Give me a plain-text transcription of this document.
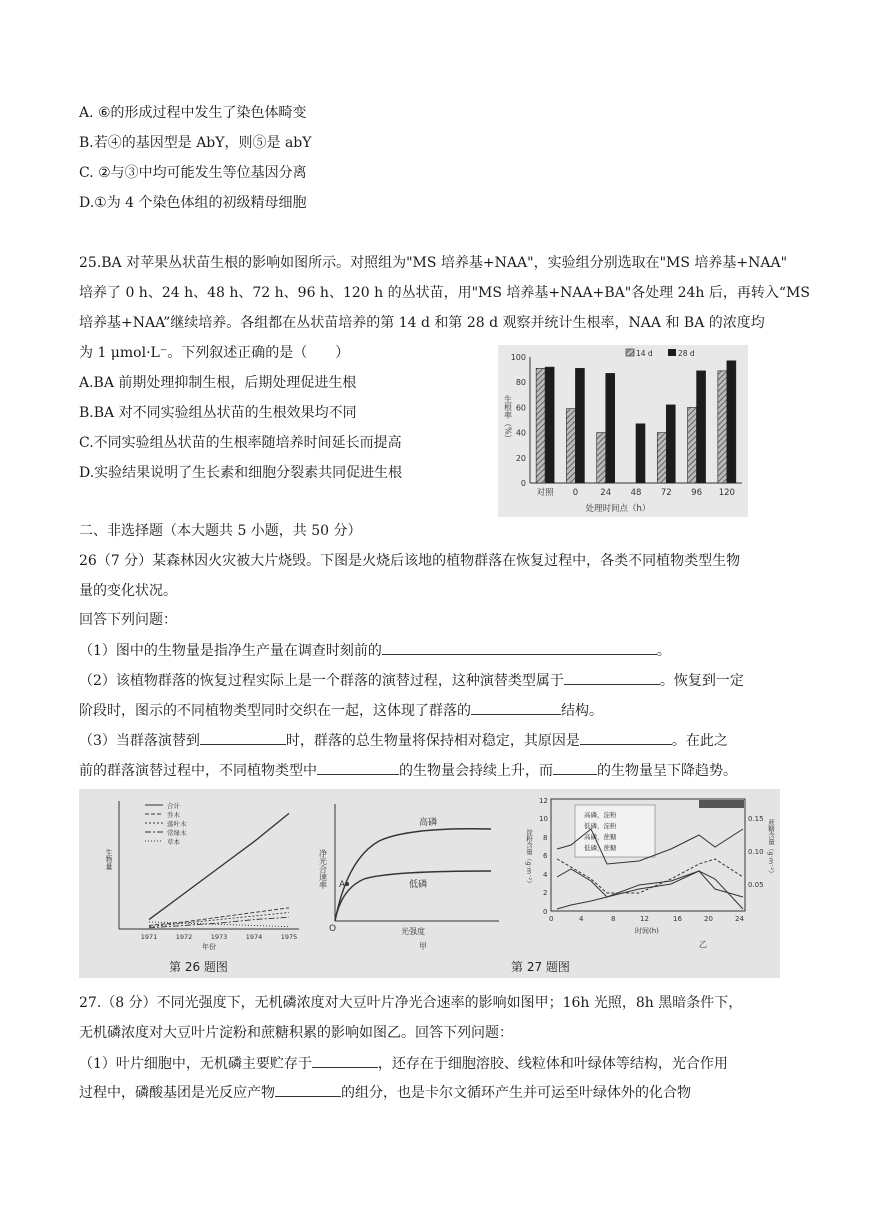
A. ⑥的形成过程中发生了染色体畸变
B.若④的基因型是 AbY，则⑤是 abY
C. ②与③中均可能发生等位基因分离
D.①为 4 个染色体组的初级精母细胞
25.BA 对苹果丛状苗生根的影响如图所示。对照组为"MS 培养基+NAA"，实验组分别选取在"MS 培养基+NAA"
培养了 0 h、24 h、48 h、72 h、96 h、120 h 的丛状苗，用"MS 培养基+NAA+BA"各处理 24h 后，再转入“MS
培养基+NAA”继续培养。各组都在丛状苗培养的第 14 d 和第 28 d 观察并统计生根率，NAA 和 BA 的浓度均
为 1 μmol·L⁻。下列叙述正确的是（　　）
A.BA 前期处理抑制生根，后期处理促进生根
B.BA 对不同实验组丛状苗的生根效果均不同
C.不同实验组丛状苗的生根率随培养时间延长而提高
D.实验结果说明了生长素和细胞分裂素共同促进生根
100
80
60
40
20
0
对照 0	24 48 72 96 120
14 d	28 d
处理时间点（h）
生根率（%）
二、非选择题（本大题共 5 小题，共 50 分）
26（7 分）某森林因火灾被大片烧毁。下图是火烧后该地的植物群落在恢复过程中，各类不同植物类型生物
量的变化状况。
回答下列问题：
（1）图中的生物量是指净生产量在调查时刻前的	。
（2）该植物群落的恢复过程实际上是一个群落的演替过程，这种演替类型属于	。恢复到一定
阶段时，图示的不同植物类型同时交织在一起，这体现了群落的	结构。
（3）当群落演替到	时，群落的总生物量将保持相对稳定，其原因是	。在此之
前的群落演替过程中，不同植物类型中	的生物量会持续上升，而	的生物量呈下降趋势。
合计
乔木
落叶木
常绿木
草本
1971	1972	1973	1974	1975
年份
生物量
A
O
高磷
低磷
光强度
甲
净光合速率
高磷，淀粉
低磷，淀粉
高磷，蔗糖
低磷，蔗糖
0
2
4
6
8
10
12
0.05
0.10
0.15
0	4	8	12	16	20	24
时间(h)
乙
淀粉含量（g·m⁻²）	蔗糖含量（g·m⁻²）
第 26 题图	第 27 题图
27.（8 分）不同光强度下，无机磷浓度对大豆叶片净光合速率的影响如图甲；16h 光照，8h 黑暗条件下，
无机磷浓度对大豆叶片淀粉和蔗糖积累的影响如图乙。回答下列问题：
（1）叶片细胞中，无机磷主要贮存于	，还存在于细胞溶胶、线粒体和叶绿体等结构，光合作用
过程中，磷酸基团是光反应产物	的组分，也是卡尔文循环产生并可运至叶绿体外的化合物
